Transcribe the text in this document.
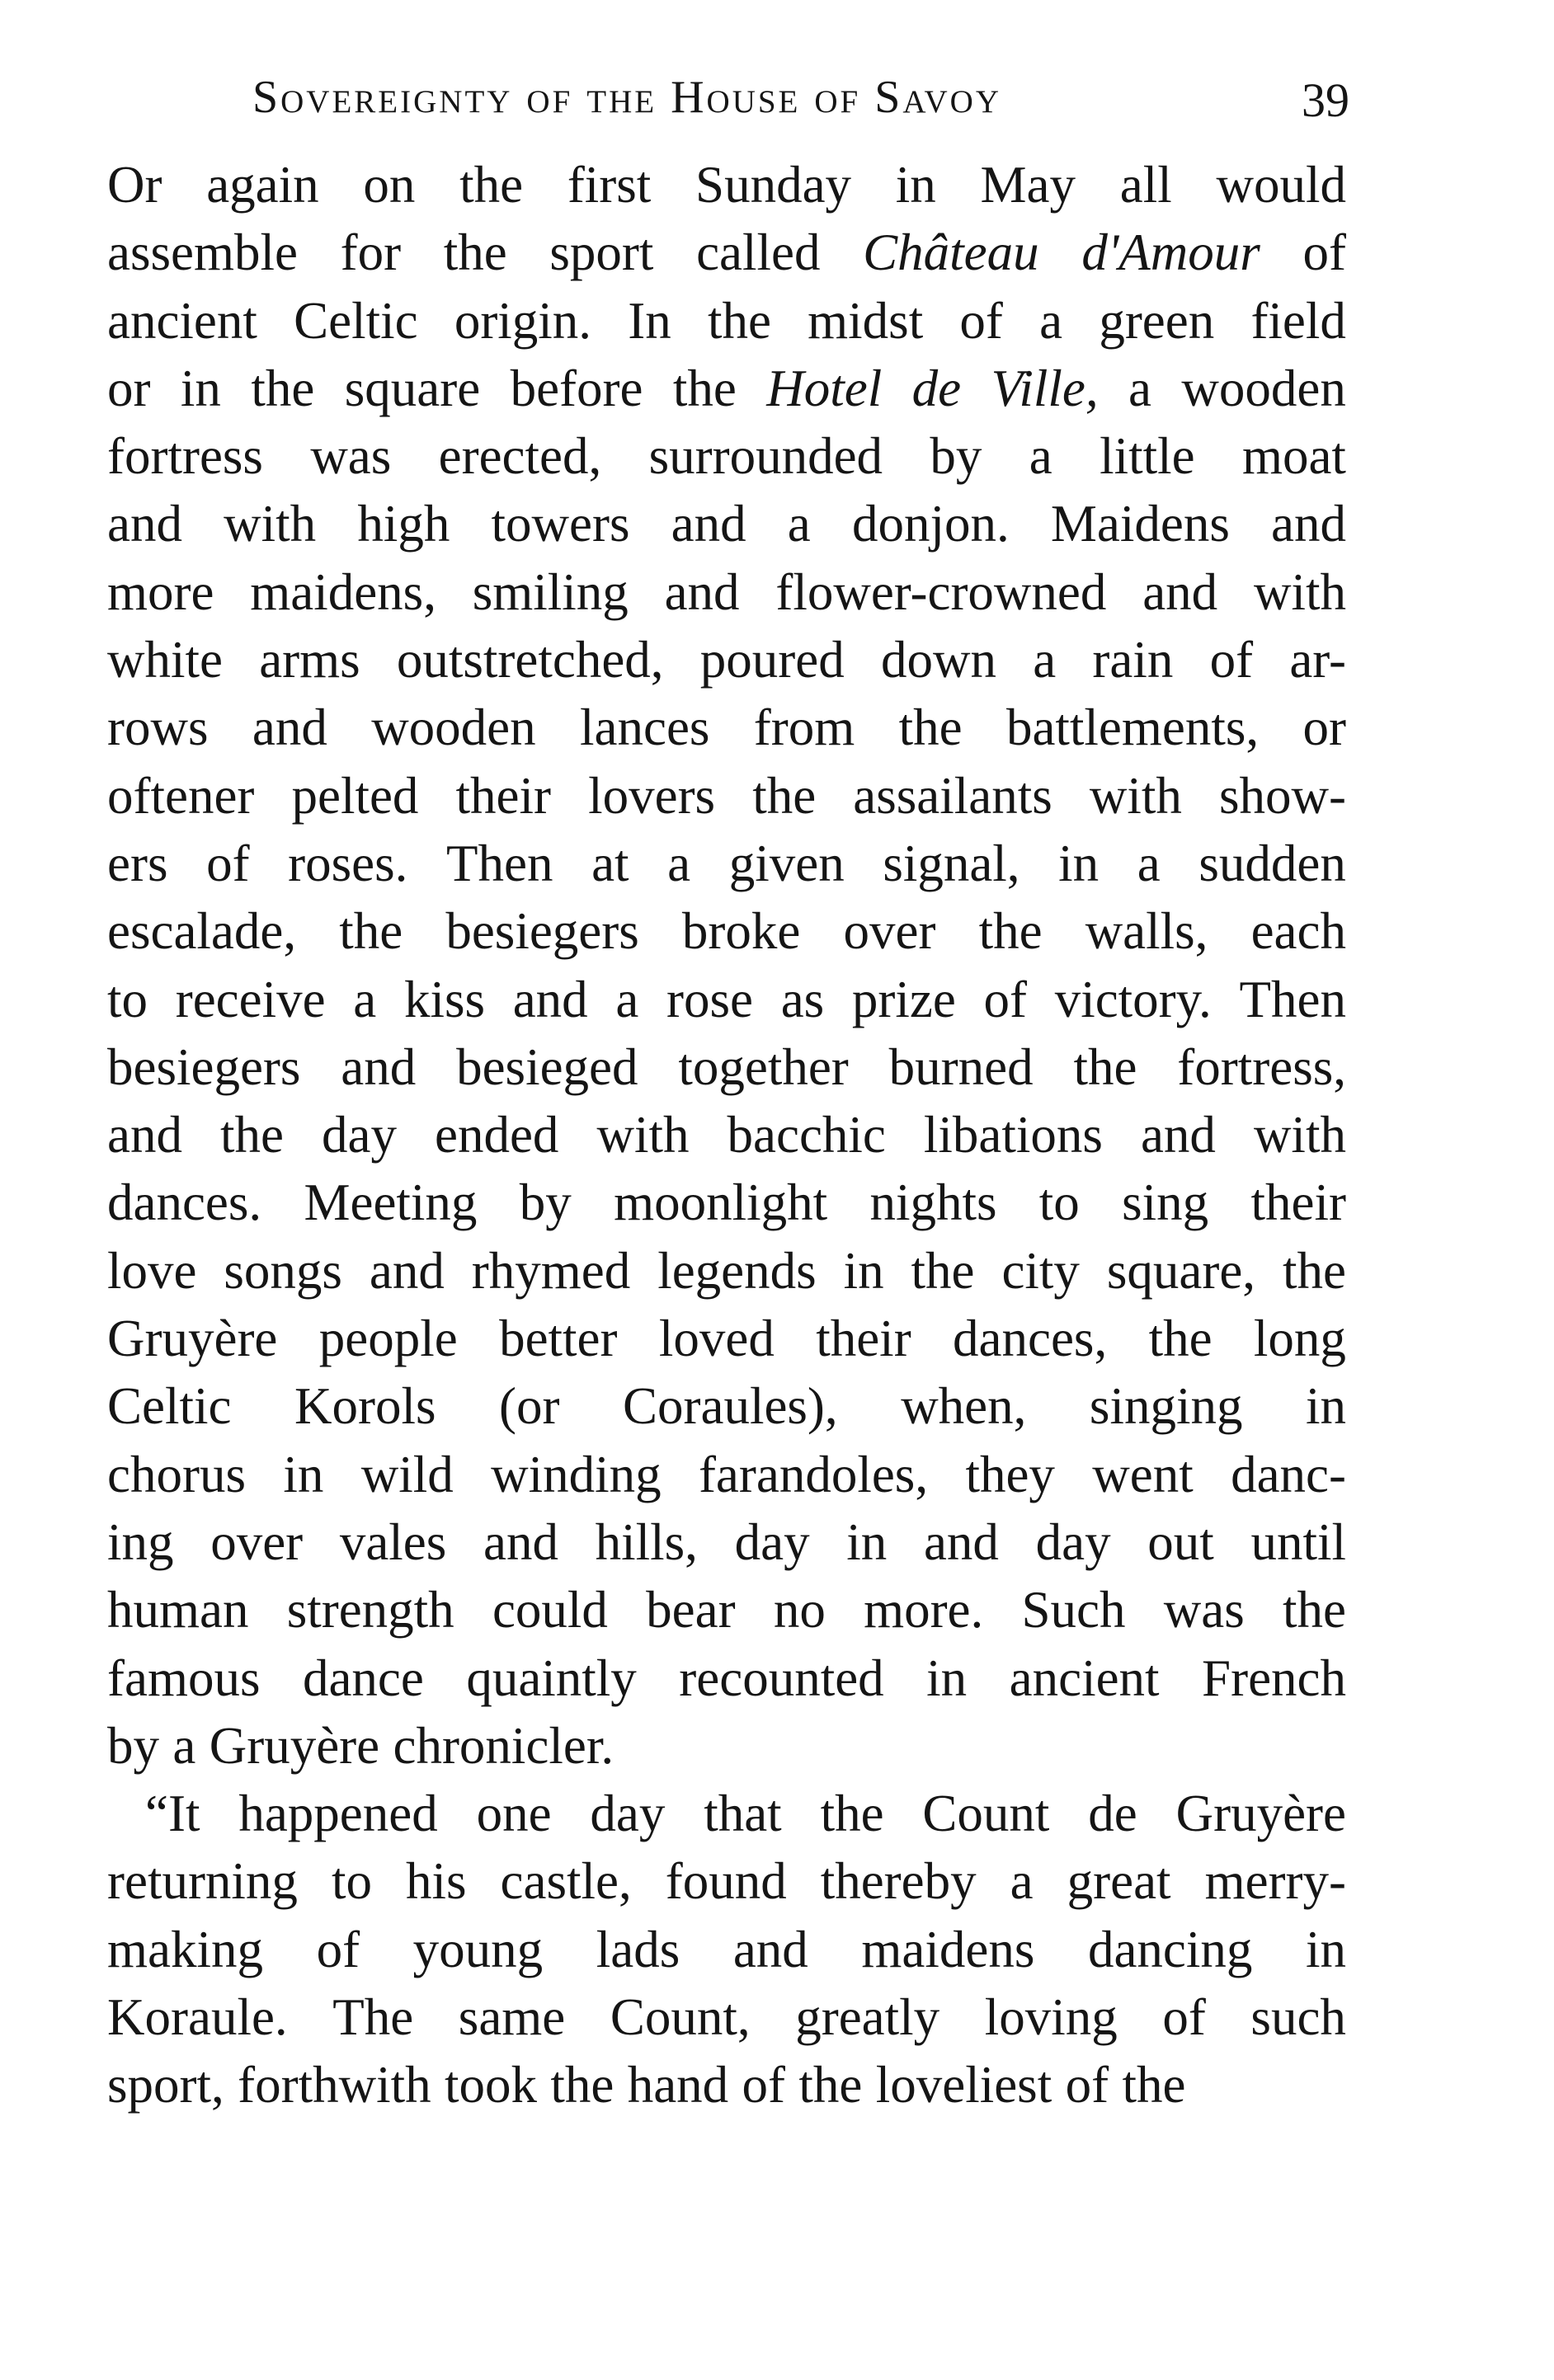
Sovereignty of the House of Savoy	39
Or again on the first Sunday in May all would
assemble for the sport called Château d'Amour of
ancient Celtic origin. In the midst of a green field
or in the square before the Hotel de Ville, a wooden
fortress was erected, surrounded by a little moat
and with high towers and a donjon. Maidens and
more maidens, smiling and flower-crowned and with
white arms outstretched, poured down a rain of ar-
rows and wooden lances from the battlements, or
oftener pelted their lovers the assailants with show-
ers of roses. Then at a given signal, in a sudden
escalade, the besiegers broke over the walls, each
to receive a kiss and a rose as prize of victory. Then
besiegers and besieged together burned the fortress,
and the day ended with bacchic libations and with
dances. Meeting by moonlight nights to sing their
love songs and rhymed legends in the city square, the
Gruyère people better loved their dances, the long
Celtic Korols (or Coraules), when, singing in
chorus in wild winding farandoles, they went danc-
ing over vales and hills, day in and day out until
human strength could bear no more. Such was the
famous dance quaintly recounted in ancient French
by a Gruyère chronicler.
“It happened one day that the Count de Gruyère
returning to his castle, found thereby a great merry-
making of young lads and maidens dancing in
Koraule. The same Count, greatly loving of such
sport, forthwith took the hand of the loveliest of the
